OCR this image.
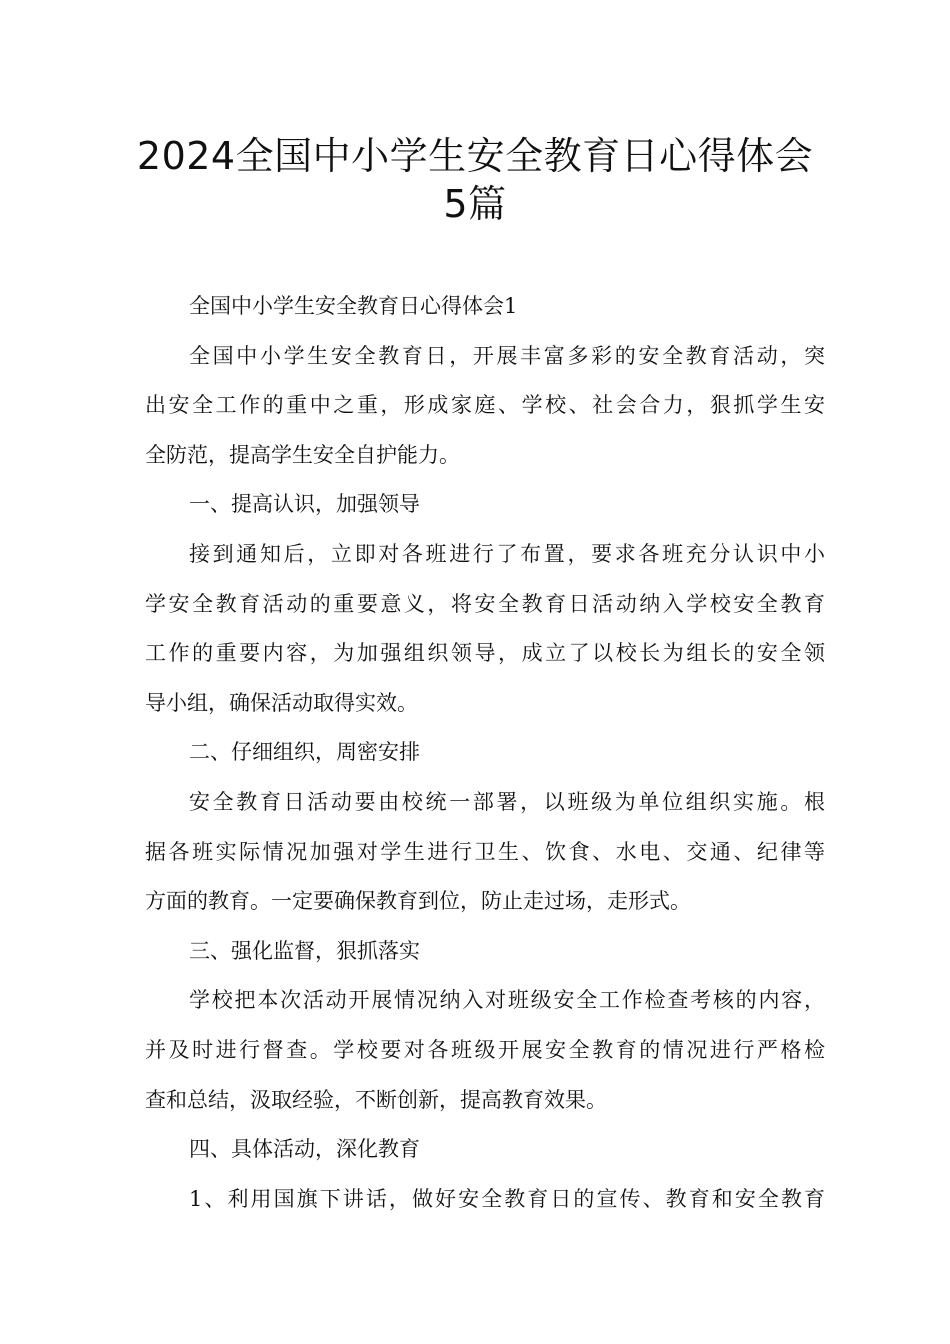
2024全国中小学生安全教育日心得体会
5篇
全国中小学生安全教育日心得体会1
全国中小学生安全教育日，开展丰富多彩的安全教育活动，突
出安全工作的重中之重，形成家庭、学校、社会合力，狠抓学生安
全防范，提高学生安全自护能力。
一、提高认识，加强领导
接到通知后，立即对各班进行了布置，要求各班充分认识中小
学安全教育活动的重要意义，将安全教育日活动纳入学校安全教育
工作的重要内容，为加强组织领导，成立了以校长为组长的安全领
导小组，确保活动取得实效。
二、仔细组织，周密安排
安全教育日活动要由校统一部署，以班级为单位组织实施。根
据各班实际情况加强对学生进行卫生、饮食、水电、交通、纪律等
方面的教育。一定要确保教育到位，防止走过场，走形式。
三、强化监督，狠抓落实
学校把本次活动开展情况纳入对班级安全工作检查考核的内容，
并及时进行督查。学校要对各班级开展安全教育的情况进行严格检
查和总结，汲取经验，不断创新，提高教育效果。
四、具体活动，深化教育
1、利用国旗下讲话，做好安全教育日的宣传、教育和安全教育
